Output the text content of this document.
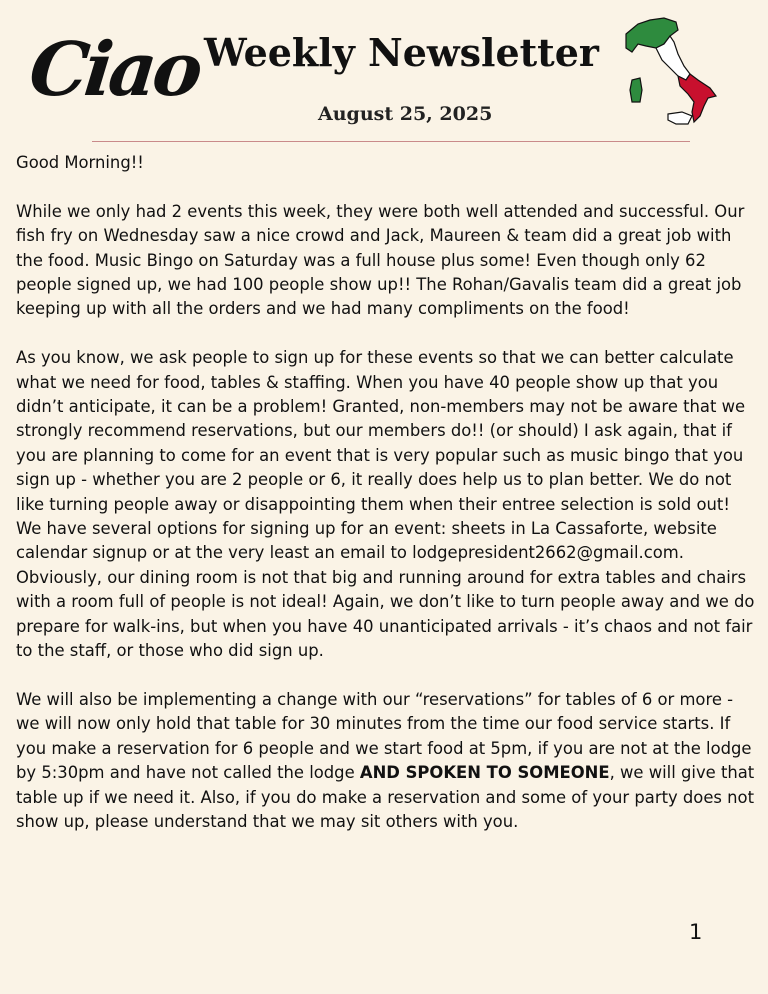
Ciao Weekly Newsletter
August 25, 2025

Good Morning!!

While we only had 2 events this week, they were both well attended and successful. Our fish fry on Wednesday saw a nice crowd and Jack, Maureen & team did a great job with the food. Music Bingo on Saturday was a full house plus some! Even though only 62 people signed up, we had 100 people show up!! The Rohan/Gavalis team did a great job keeping up with all the orders and we had many compliments on the food!

As you know, we ask people to sign up for these events so that we can better calculate what we need for food, tables & staffing. When you have 40 people show up that you didn’t anticipate, it can be a problem! Granted, non-members may not be aware that we strongly recommend reservations, but our members do!! (or should) I ask again, that if you are planning to come for an event that is very popular such as music bingo that you sign up - whether you are 2 people or 6, it really does help us to plan better. We do not like turning people away or disappointing them when their entree selection is sold out! We have several options for signing up for an event: sheets in La Cassaforte, website calendar signup or at the very least an email to lodgepresident2662@gmail.com. Obviously, our dining room is not that big and running around for extra tables and chairs with a room full of people is not ideal! Again, we don’t like to turn people away and we do prepare for walk-ins, but when you have 40 unanticipated arrivals - it’s chaos and not fair to the staff, or those who did sign up.

We will also be implementing a change with our “reservations” for tables of 6 or more - we will now only hold that table for 30 minutes from the time our food service starts. If you make a reservation for 6 people and we start food at 5pm, if you are not at the lodge by 5:30pm and have not called the lodge AND SPOKEN TO SOMEONE, we will give that table up if we need it. Also, if you do make a reservation and some of your party does not show up, please understand that we may sit others with you.

1
